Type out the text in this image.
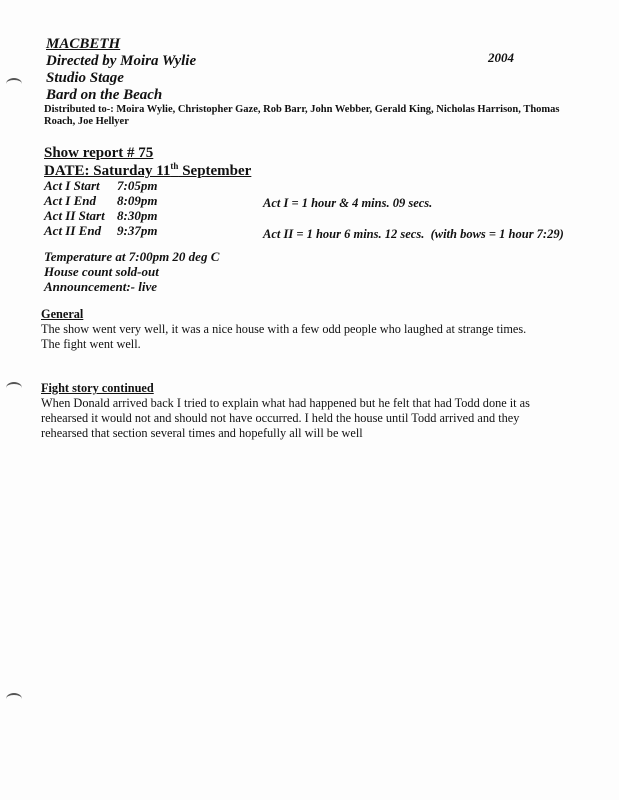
MACBETH
Directed by Moira Wylie
Studio Stage
Bard on the Beach
2004
Distributed to-: Moira Wylie, Christopher Gaze, Rob Barr, John Webber, Gerald King, Nicholas Harrison, Thomas
Roach, Joe Hellyer
Show report # 75
DATE: Saturday 11th September
Act I Start 7:05pm
Act I End 8:09pm
Act II Start 8:30pm
Act II End 9:37pm
Act I = 1 hour & 4 mins. 09 secs.
Act II = 1 hour 6 mins. 12 secs.  (with bows = 1 hour 7:29)
Temperature at 7:00pm 20 deg C
House count sold-out
Announcement:- live
General
The show went very well, it was a nice house with a few odd people who laughed at strange times.
The fight went well.
Fight story continued
When Donald arrived back I tried to explain what had happened but he felt that had Todd done it as
rehearsed it would not and should not have occurred. I held the house until Todd arrived and they
rehearsed that section several times and hopefully all will be well
